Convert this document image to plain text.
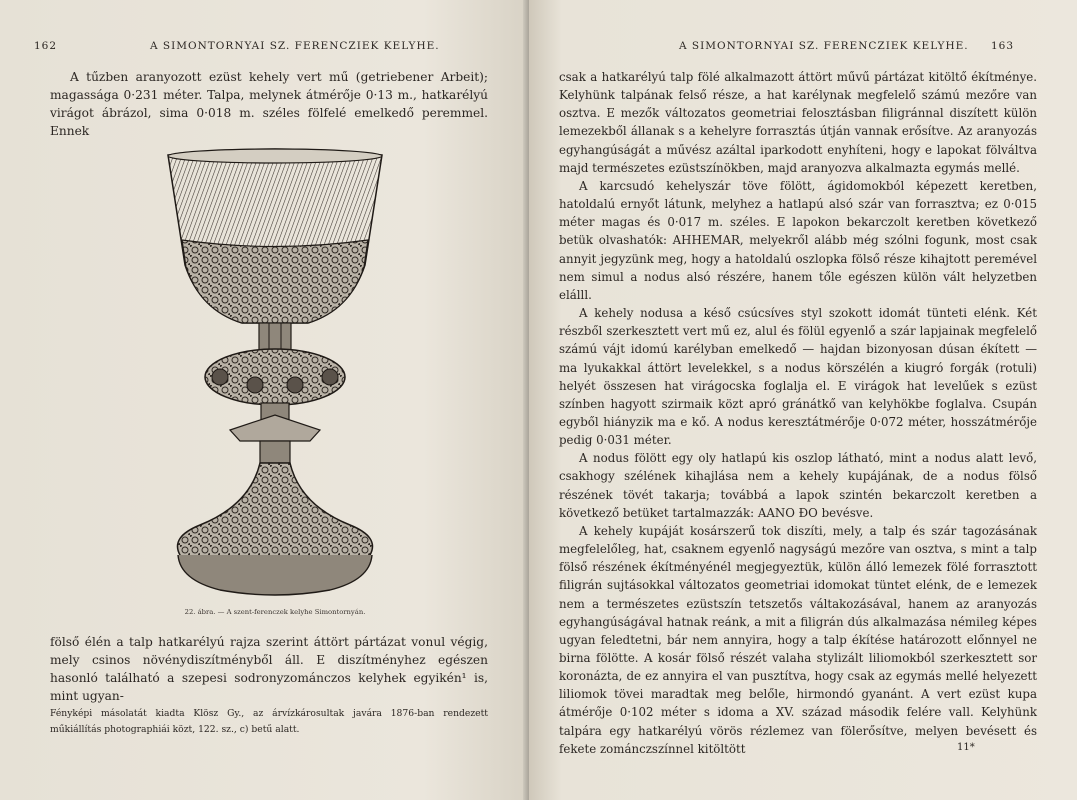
162	A SIMONTORNYAI SZ. FERENCZIEK KELYHE.

A tűzben aranyozott ezüst kehely vert mű (getriebener Arbeit); magassága 0·231 méter. Talpa, melynek átmérője 0·13 m., hatkarélyú virágot ábrázol, sima 0·018 m. széles fölfelé emelkedő peremmel. Ennek

22. ábra. — A szent-ferenczek kelyhe Simontornyán.

fölső élén a talp hatkarélyú rajza szerint áttört pártázat vonul végig, mely csinos növénydiszítményből áll. E diszítményhez egészen hasonló található a szepesi sodronyzománczos kelyhek egyikén¹ is, mint ugyan-

Fényképi másolatát kiadta Klösz Gy., az árvízkárosultak javára 1876-ban rendezett műkiállítás photographiái közt, 122. sz., c) betű alatt.
A SIMONTORNYAI SZ. FERENCZIEK KELYHE. 163

csak a hatkarélyú talp fölé alkalmazott áttört művű pártázat kitöltő ékítménye. Kelyhünk talpának felső része, a hat karélynak megfelelő számú mezőre van osztva. E mezők változatos geometriai felosztásban filigránnal diszített külön lemezekből állanak s a kehelyre forrasztás útján vannak erősítve. Az aranyozás egyhangúságát a művész azáltal iparkodott enyhíteni, hogy e lapokat fölváltva majd természetes ezüstszínökben, majd aranyozva alkalmazta egymás mellé.

A karcsudó kehelyszár töve fölött, ágidomokból képezett keretben, hatoldalú ernyőt látunk, melyhez a hatlapú alsó szár van forrasztva; ez 0·015 méter magas és 0·017 m. széles. E lapokon bekarczolt keretben következő betük olvashatók: AHHEMAR, melyekről alább még szólni fogunk, most csak annyit jegyzünk meg, hogy a hatoldalú oszlopka fölső része kihajtott peremével nem simul a nodus alsó részére, hanem tőle egészen külön vált helyzetben elálll.

A kehely nodusa a késő csúcsíves styl szokott idomát tünteti elénk. Két részből szerkesztett vert mű ez, alul és fölül egyenlő a szár lapjainak megfelelő számú vájt idomú karélyban emelkedő — hajdan bizonyosan dúsan ékített — ma lyukakkal áttört levelekkel, s a nodus körszélén a kiugró forgák (rotuli) helyét összesen hat virágocska foglalja el. E virágok hat levelűek s ezüst színben hagyott szirmaik közt apró gránátkő van kelyhökbe foglalva. Csupán egyből hiányzik ma e kő. A nodus keresztátmérője 0·072 méter, hosszátmérője pedig 0·031 méter.

A nodus fölött egy oly hatlapú kis oszlop látható, mint a nodus alatt levő, csakhogy szélének kihajlása nem a kehely kupájának, de a nodus fölső részének tövét takarja; továbbá a lapok szintén bekarczolt keretben a következő betüket tartalmazzák: AANO ÐO bevésve.

A kehely kupáját kosárszerű tok diszíti, mely, a talp és szár tagozásának megfelelőleg, hat, csaknem egyenlő nagyságú mezőre van osztva, s mint a talp fölső részének ékítményénél megjegyeztük, külön álló lemezek fölé forrasztott filigrán sujtásokkal változatos geometriai idomokat tüntet elénk, de e lemezek nem a természetes ezüstszín tetszetős váltakozásával, hanem az aranyozás egyhangúságával hatnak reánk, a mit a filigrán dús alkalmazása némileg képes ugyan feledtetni, bár nem annyira, hogy a talp ékítése határozott előnnyel ne birna fölötte. A kosár fölső részét valaha stylizált liliomokból szerkesztett sor koronázta, de ez annyira el van pusztítva, hogy csak az egymás mellé helyezett liliomok tövei maradtak meg belőle, hirmondó gyanánt. A vert ezüst kupa átmérője 0·102 méter s idoma a XV. század második felére vall. Kelyhünk talpára egy hatkarélyú vörös rézlemez van fölerősítve, melyen bevésett és fekete zománczszínnel kitöltött	11*
